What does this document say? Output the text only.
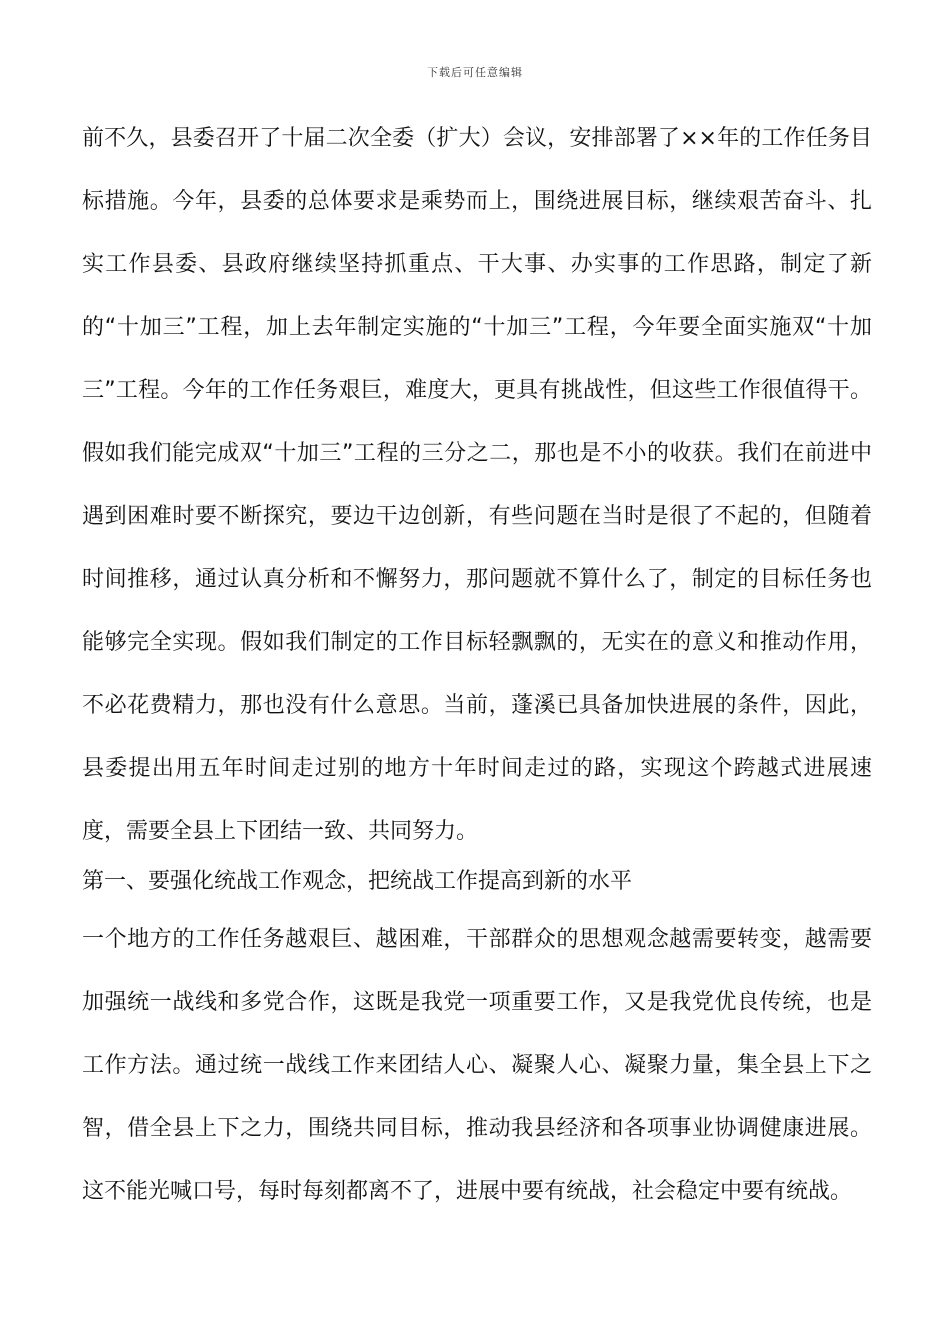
下载后可任意编辑

前不久，县委召开了十届二次全委（扩大）会议，安排部署了××年的工作任务目标措施。今年，县委的总体要求是乘势而上，围绕进展目标，继续艰苦奋斗、扎实工作县委、县政府继续坚持抓重点、干大事、办实事的工作思路，制定了新的“十加三”工程，加上去年制定实施的“十加三”工程，今年要全面实施双“十加三”工程。今年的工作任务艰巨，难度大，更具有挑战性，但这些工作很值得干。假如我们能完成双“十加三”工程的三分之二，那也是不小的收获。我们在前进中遇到困难时要不断探究，要边干边创新，有些问题在当时是很了不起的，但随着时间推移，通过认真分析和不懈努力，那问题就不算什么了，制定的目标任务也能够完全实现。假如我们制定的工作目标轻飘飘的，无实在的意义和推动作用，不必花费精力，那也没有什么意思。当前，蓬溪已具备加快进展的条件，因此，县委提出用五年时间走过别的地方十年时间走过的路，实现这个跨越式进展速度，需要全县上下团结一致、共同努力。

第一、要强化统战工作观念，把统战工作提高到新的水平

一个地方的工作任务越艰巨、越困难，干部群众的思想观念越需要转变，越需要加强统一战线和多党合作，这既是我党一项重要工作，又是我党优良传统，也是工作方法。通过统一战线工作来团结人心、凝聚人心、凝聚力量，集全县上下之智，借全县上下之力，围绕共同目标，推动我县经济和各项事业协调健康进展。这不能光喊口号，每时每刻都离不了，进展中要有统战，社会稳定中要有统战。
